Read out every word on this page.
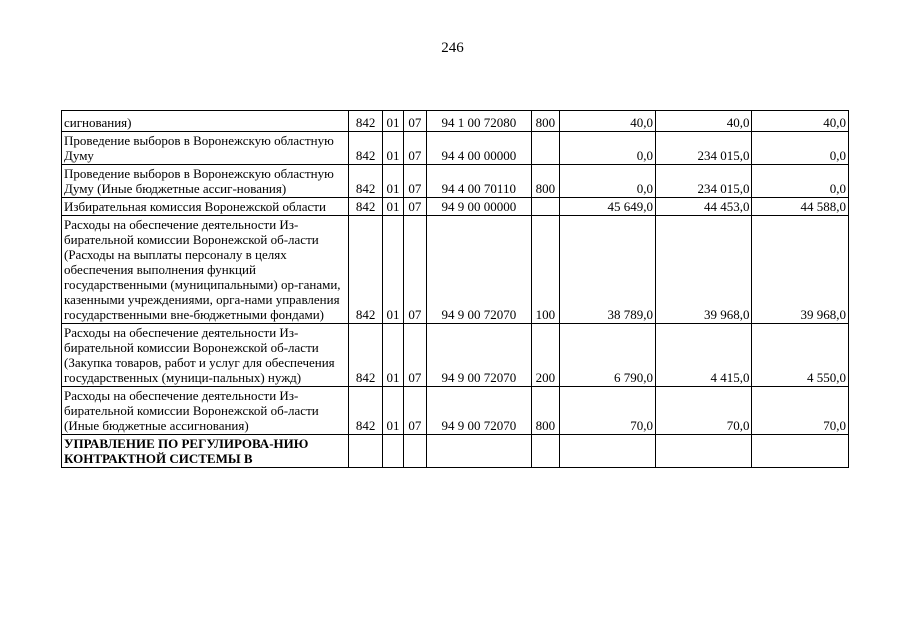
246
сигнования)	842	01	07	94 1 00 72080	800	40,0	40,0	40,0
Проведение выборов в Воронежскую областную Думу	842	01	07	94 4 00 00000		0,0	234 015,0	0,0
Проведение выборов в Воронежскую областную Думу (Иные бюджетные ассиг-нования)	842	01	07	94 4 00 70110	800	0,0	234 015,0	0,0
Избирательная комиссия Воронежской области	842	01	07	94 9 00 00000		45 649,0	44 453,0	44 588,0
Расходы на обеспечение деятельности Из-бирательной комиссии Воронежской об-ласти (Расходы на выплаты персоналу в целях обеспечения выполнения функций государственными (муниципальными) ор-ганами, казенными учреждениями, орга-нами управления государственными вне-бюджетными фондами)	842	01	07	94 9 00 72070	100	38 789,0	39 968,0	39 968,0
Расходы на обеспечение деятельности Из-бирательной комиссии Воронежской об-ласти (Закупка товаров, работ и услуг для обеспечения государственных (муници-пальных) нужд)	842	01	07	94 9 00 72070	200	6 790,0	4 415,0	4 550,0
Расходы на обеспечение деятельности Из-бирательной комиссии Воронежской об-ласти (Иные бюджетные ассигнования)	842	01	07	94 9 00 72070	800	70,0	70,0	70,0
УПРАВЛЕНИЕ ПО РЕГУЛИРОВА-НИЮ КОНТРАКТНОЙ СИСТЕМЫ В								
